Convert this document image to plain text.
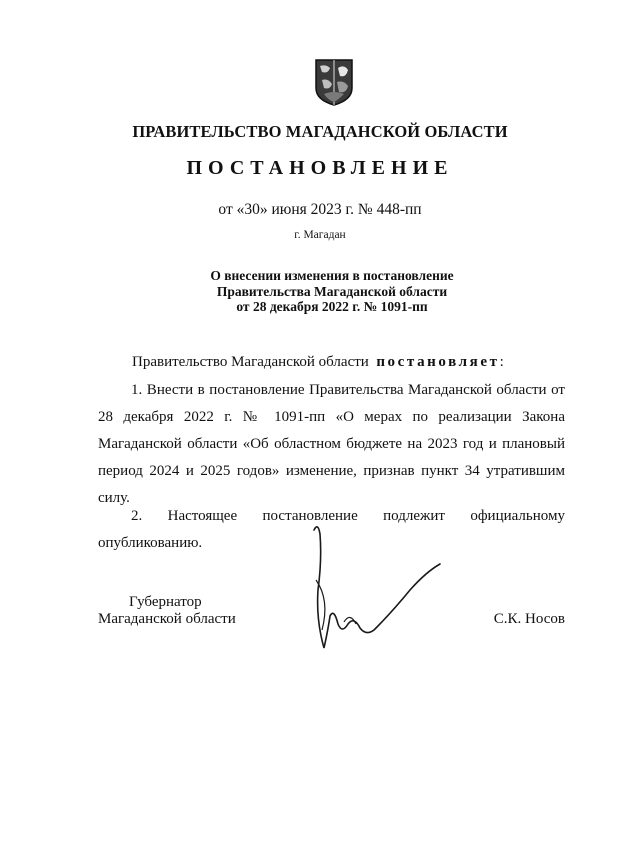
ПРАВИТЕЛЬСТВО МАГАДАНСКОЙ ОБЛАСТИ
ПОСТАНОВЛЕНИЕ
от «30» июня 2023 г. № 448-пп
г. Магадан
О внесении изменения в постановление
Правительства Магаданской области
от 28 декабря 2022 г. № 1091-пп
Правительство Магаданской области постановляет:
1. Внести в постановление Правительства Магаданской области от 28 декабря 2022 г. № 1091-пп «О мерах по реализации Закона Магаданской области «Об областном бюджете на 2023 год и плановый период 2024 и 2025 годов» изменение, признав пункт 34 утратившим силу.
2. Настоящее постановление подлежит официальному
опубликованию.
Губернатор
Магаданской области	С.К. Носов
